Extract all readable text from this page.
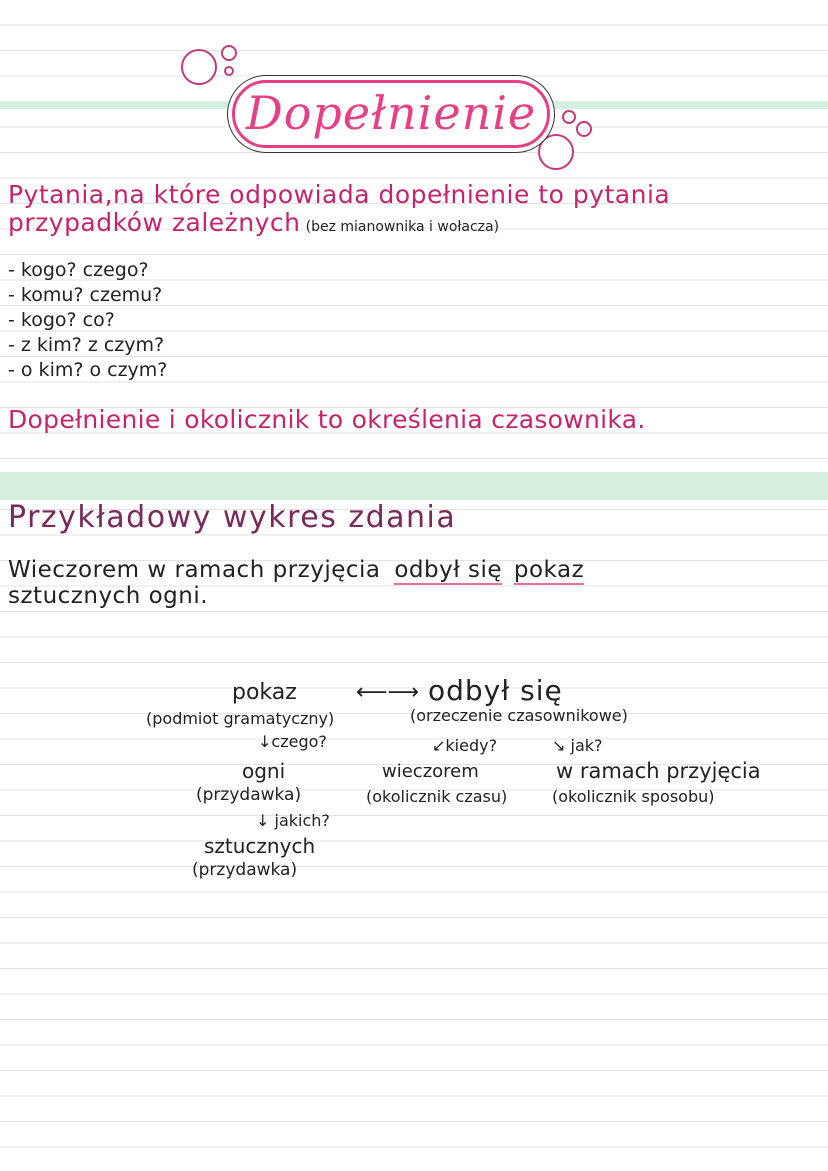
Dopełnienie
Pytania,na które odpowiada dopełnienie to pytania
przypadków zależnych (bez mianownika i wołacza)
- kogo? czego?
- komu? czemu?
- kogo? co?
- z kim? z czym?
- o kim? o czym?
Dopełnienie i okolicznik to określenia czasownika.
Przykładowy wykres zdania
Wieczorem w ramach przyjęcia odbył się pokaz
sztucznych ogni.
pokaz	⟵⟶ odbył się
(podmiot gramatyczny)	(orzeczenie czasownikowe)
↓czego?	↙kiedy?	↘ jak?
ogni	wieczorem	w ramach przyjęcia
(przydawka)	(okolicznik czasu)	(okolicznik sposobu)
↓ jakich?
sztucznych
(przydawka)
